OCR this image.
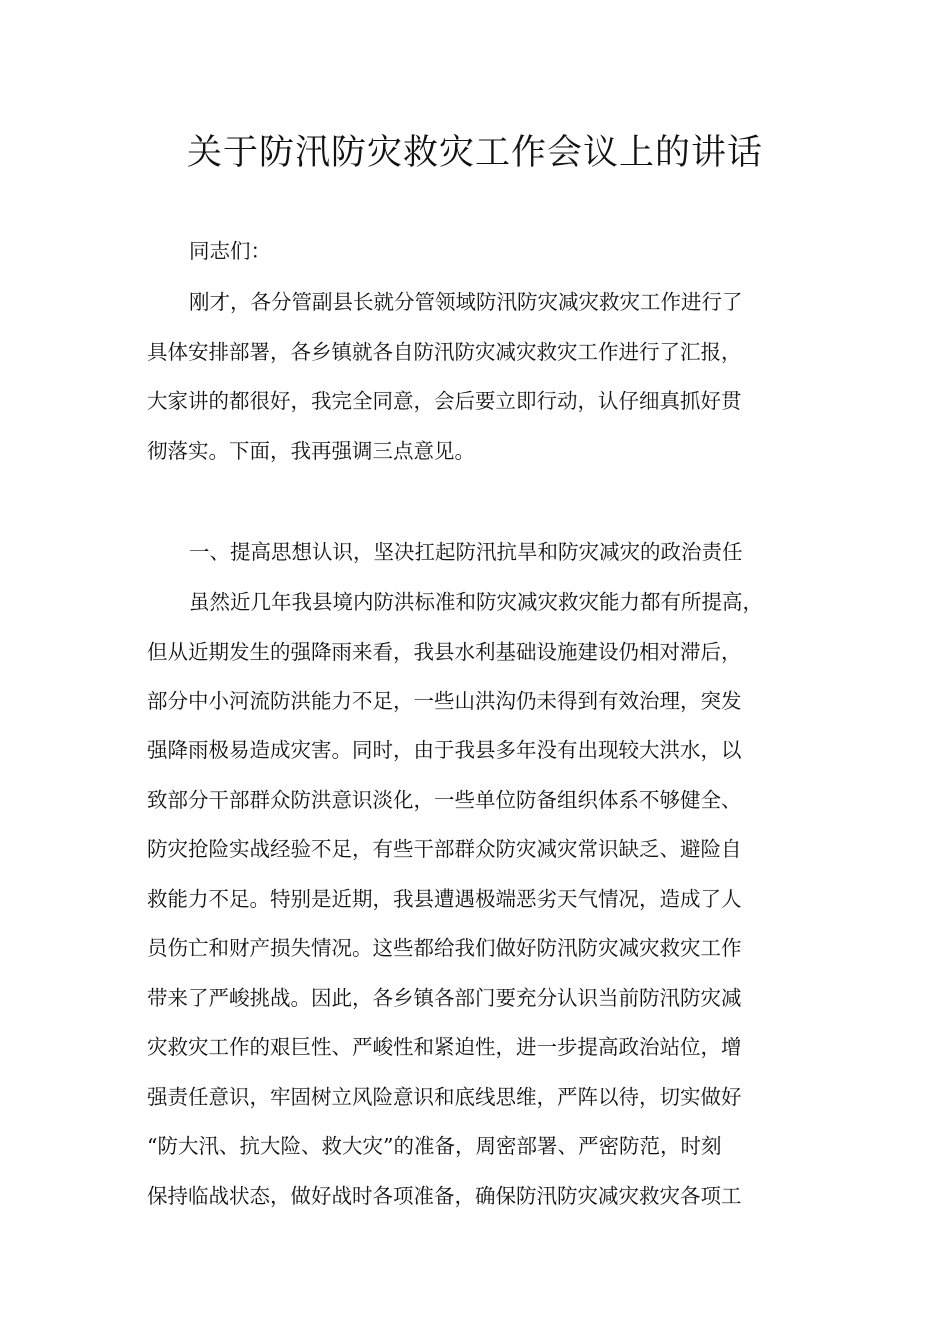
关于防汛防灾救灾工作会议上的讲话

同志们：

刚才，各分管副县长就分管领域防汛防灾减灾救灾工作进行了

具体安排部署，各乡镇就各自防汛防灾减灾救灾工作进行了汇报，

大家讲的都很好，我完全同意，会后要立即行动，认仔细真抓好贯

彻落实。下面，我再强调三点意见。

一、提高思想认识，坚决扛起防汛抗旱和防灾减灾的政治责任

虽然近几年我县境内防洪标准和防灾减灾救灾能力都有所提高，

但从近期发生的强降雨来看，我县水利基础设施建设仍相对滞后，

部分中小河流防洪能力不足，一些山洪沟仍未得到有效治理，突发

强降雨极易造成灾害。同时，由于我县多年没有出现较大洪水，以

致部分干部群众防洪意识淡化，一些单位防备组织体系不够健全、

防灾抢险实战经验不足，有些干部群众防灾减灾常识缺乏、避险自

救能力不足。特别是近期，我县遭遇极端恶劣天气情况，造成了人

员伤亡和财产损失情况。这些都给我们做好防汛防灾减灾救灾工作

带来了严峻挑战。因此，各乡镇各部门要充分认识当前防汛防灾减

灾救灾工作的艰巨性、严峻性和紧迫性，进一步提高政治站位，增

强责任意识，牢固树立风险意识和底线思维，严阵以待，切实做好

“防大汛、抗大险、救大灾”的准备，周密部署、严密防范，时刻

保持临战状态，做好战时各项准备，确保防汛防灾减灾救灾各项工
